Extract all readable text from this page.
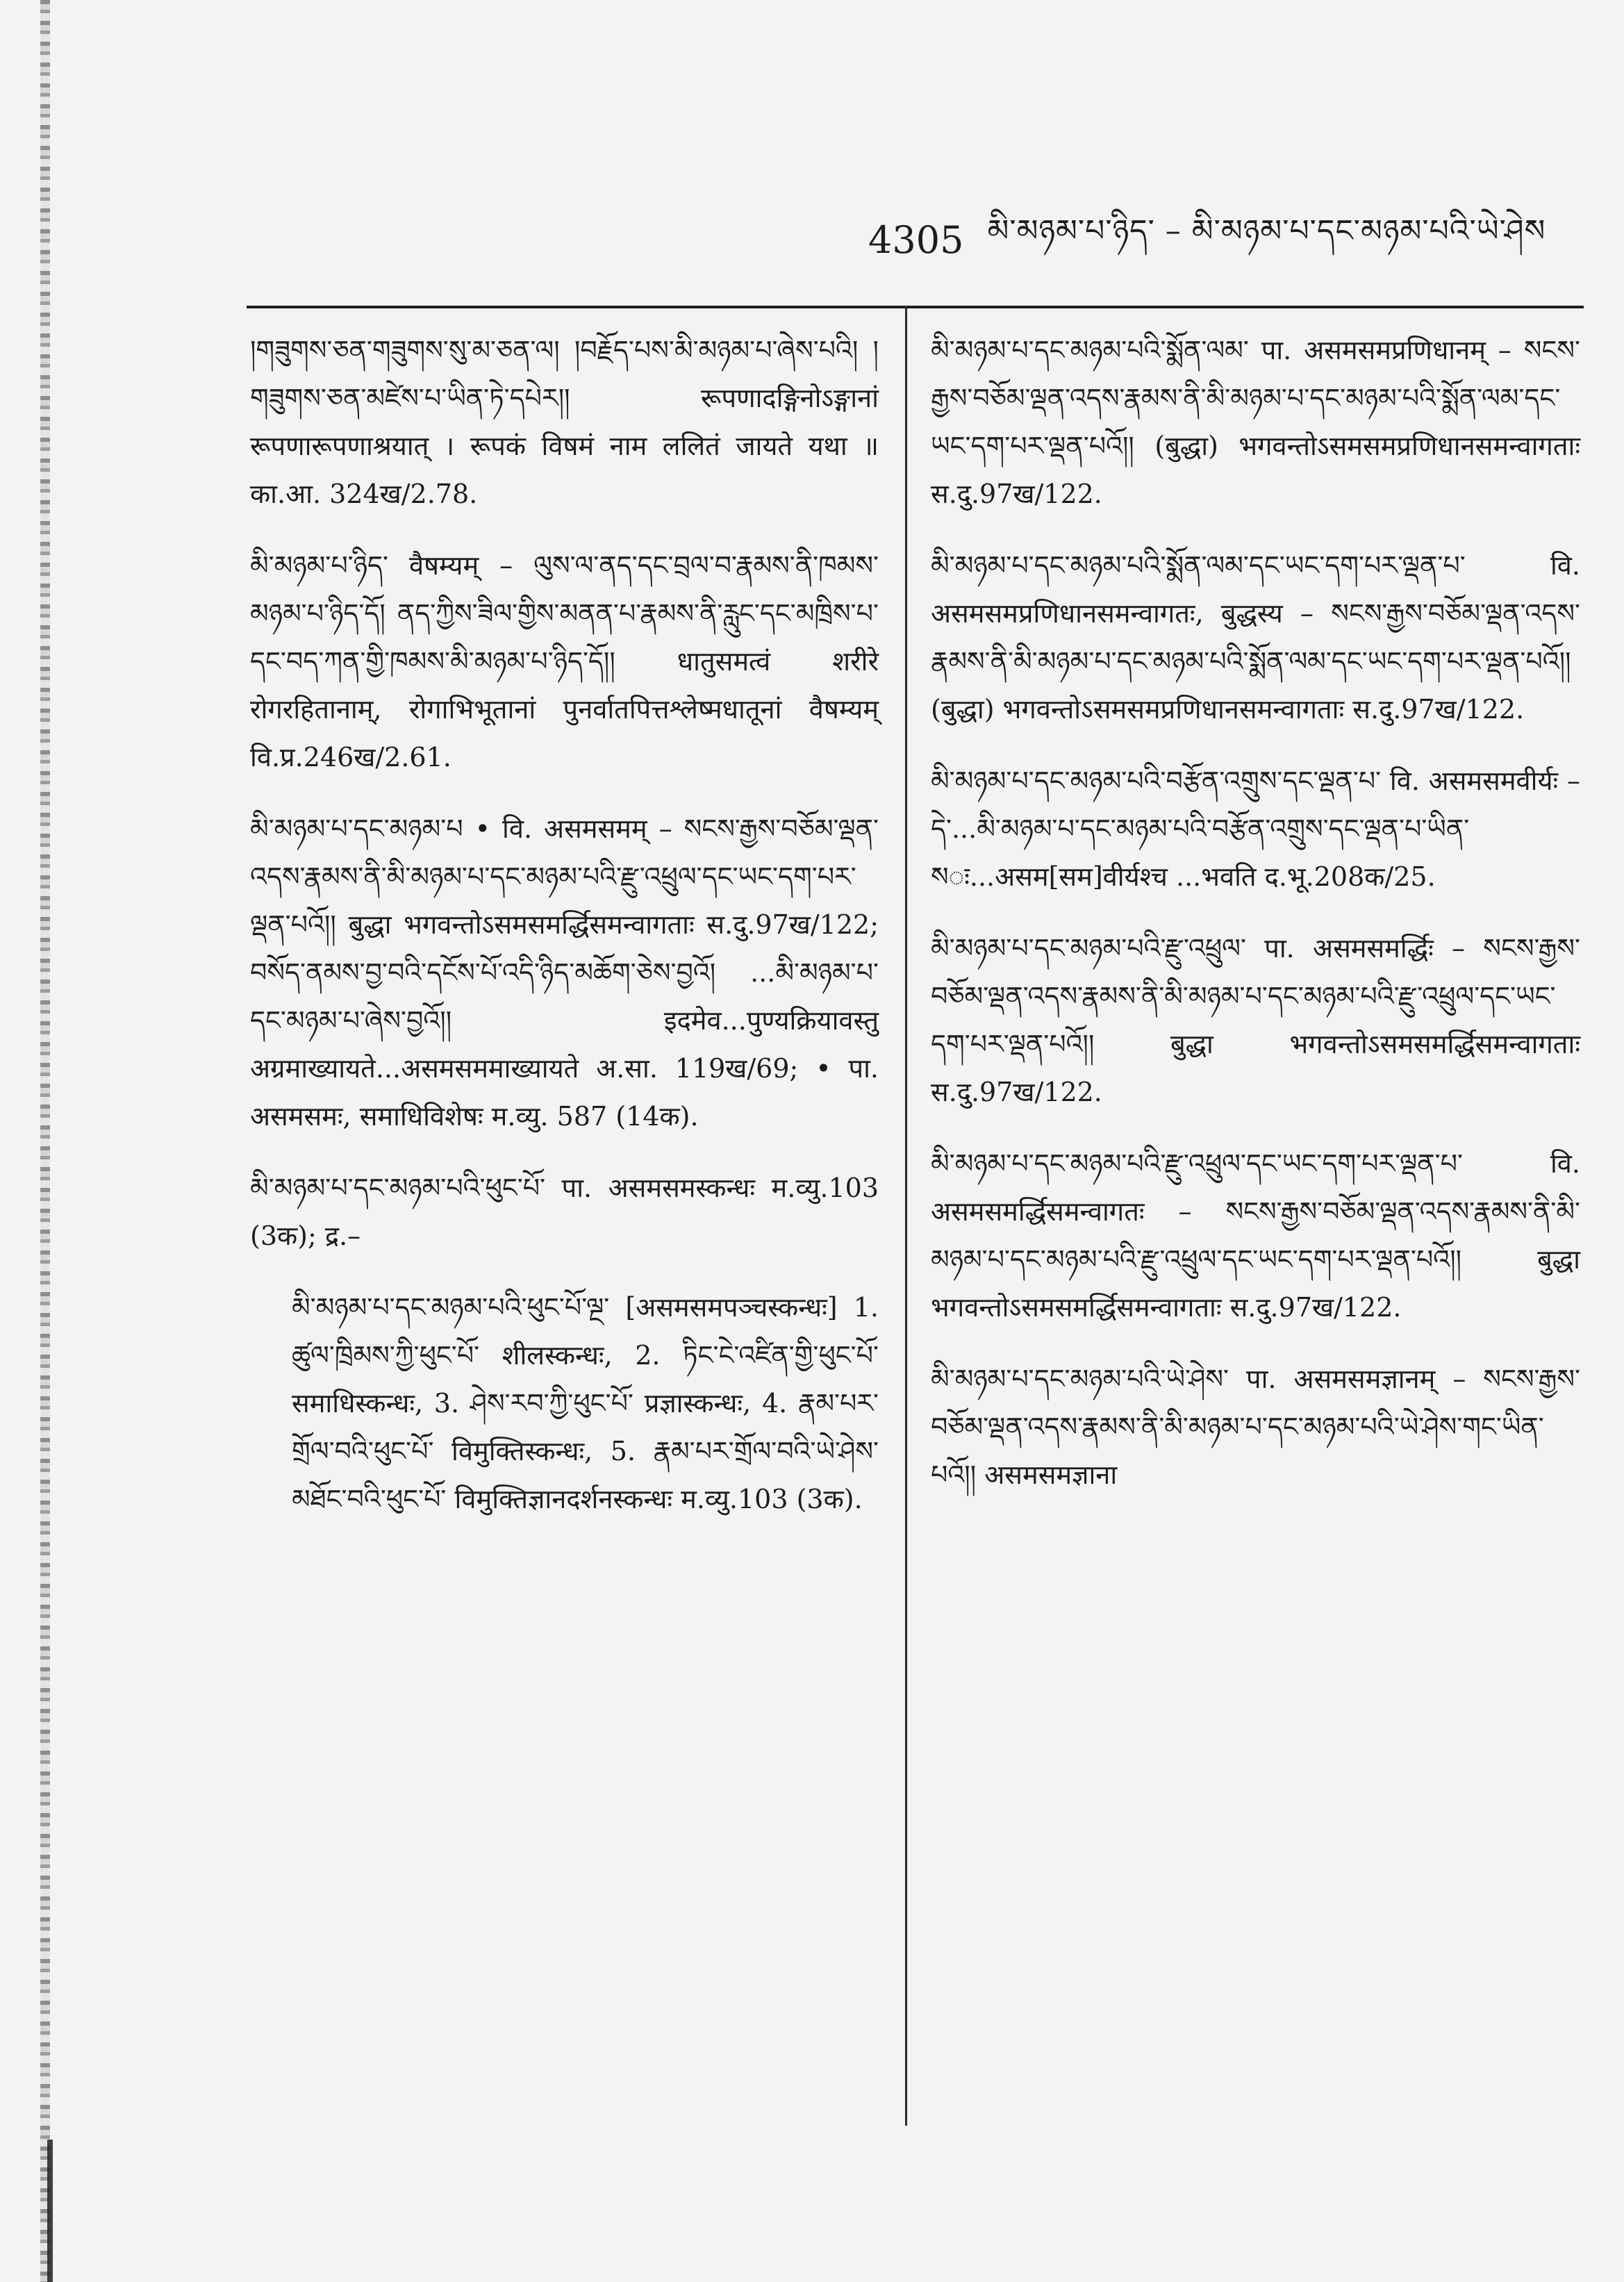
4305 མི་མཉམ་པ་ཉིད་ – མི་མཉམ་པ་དང་མཉམ་པའི་ཡེ་ཤེས

།གཟུགས་ཅན་གཟུགས་སུ་མ་ཅན་ལ། །བརྗོད་པས་མི་མཉམ་པ་ཞེས་པའི། །གཟུགས་ཅན་མཛེས་པ་ཡིན་ཏེ་དཔེར།། रूपणादङ्गिनोऽङ्गानां रूपणारूपणाश्रयात् । रूपकं विषमं नाम ललितं जायते यथा ॥ का.आ. 324ख/2.78.

མི་མཉམ་པ་ཉིད་ वैषम्यम् – ལུས་ལ་ནད་དང་བྲལ་བ་རྣམས་ནི་ཁམས་མཉམ་པ་ཉིད་དོ། ནད་ཀྱིས་ཟིལ་གྱིས་མནན་པ་རྣམས་ནི་རླུང་དང་མཁྲིས་པ་དང་བད་ཀན་གྱི་ཁམས་མི་མཉམ་པ་ཉིད་དོ།། धातुसमत्वं शरीरे रोगरहितानाम्, रोगाभिभूतानां पुनर्वातपित्तश्लेष्मधातूनां वैषम्यम् वि.प्र.246ख/2.61.

མི་མཉམ་པ་དང་མཉམ་པ • वि. असमसमम् – སངས་རྒྱས་བཅོམ་ལྡན་འདས་རྣམས་ནི་མི་མཉམ་པ་དང་མཉམ་པའི་རྫུ་འཕྲུལ་དང་ཡང་དག་པར་ལྡན་པའོ།། बुद्धा भगवन्तोऽसमसमर्द्धिसमन्वागताः स.दु.97ख/122; བསོད་ནམས་བྱ་བའི་དངོས་པོ་འདི་ཉིད་མཆོག་ཅེས་བྱའོ། ...མི་མཉམ་པ་དང་མཉམ་པ་ཞེས་བྱའོ།། इदमेव...पुण्यक्रियावस्तु अग्रमाख्यायते...असमसममाख्यायते अ.सा. 119ख/69; • पा. असमसमः, समाधिविशेषः म.व्यु. 587 (14क).

མི་མཉམ་པ་དང་མཉམ་པའི་ཕུང་པོ་ पा. असमसमस्कन्धः म.व्यु.103 (3क); द्र.–

མི་མཉམ་པ་དང་མཉམ་པའི་ཕུང་པོ་ལྔ་ [असमसमपञ्चस्कन्धः] 1. ཚུལ་ཁྲིམས་ཀྱི་ཕུང་པོ་ शीलस्कन्धः, 2. ཏིང་ངེ་འཛིན་གྱི་ཕུང་པོ་ समाधिस्कन्धः, 3. ཤེས་རབ་ཀྱི་ཕུང་པོ་ प्रज्ञास्कन्धः, 4. རྣམ་པར་གྲོལ་བའི་ཕུང་པོ་ विमुक्तिस्कन्धः, 5. རྣམ་པར་གྲོལ་བའི་ཡེ་ཤེས་མཐོང་བའི་ཕུང་པོ་ विमुक्तिज्ञानदर्शनस्कन्धः म.व्यु.103 (3क).

མི་མཉམ་པ་དང་མཉམ་པའི་སྨོན་ལམ་ पा. असमसमप्रणिधानम् – སངས་རྒྱས་བཅོམ་ལྡན་འདས་རྣམས་ནི་མི་མཉམ་པ་དང་མཉམ་པའི་སྨོན་ལམ་དང་ཡང་དག་པར་ལྡན་པའོ།། (बुद्धा) भगवन्तोऽसमसमप्रणिधानसमन्वागताः स.दु.97ख/122.

མི་མཉམ་པ་དང་མཉམ་པའི་སྨོན་ལམ་དང་ཡང་དག་པར་ལྡན་པ་ वि. असमसमप्रणिधानसमन्वागतः, बुद्धस्य – སངས་རྒྱས་བཅོམ་ལྡན་འདས་རྣམས་ནི་མི་མཉམ་པ་དང་མཉམ་པའི་སྨོན་ལམ་དང་ཡང་དག་པར་ལྡན་པའོ།། (बुद्धा) भगवन्तोऽसमसमप्रणिधानसमन्वागताः स.दु.97ख/122.

མི་མཉམ་པ་དང་མཉམ་པའི་བརྩོན་འགྲུས་དང་ལྡན་པ་ वि. असमसमवीर्यः – དེ་...མི་མཉམ་པ་དང་མཉམ་པའི་བརྩོན་འགྲུས་དང་ལྡན་པ་ཡིན་ སः...असम[सम]वीर्यश्च ...भवति द.भू.208क/25.

མི་མཉམ་པ་དང་མཉམ་པའི་རྫུ་འཕྲུལ་ पा. असमसमर्द्धिः – སངས་རྒྱས་བཅོམ་ལྡན་འདས་རྣམས་ནི་མི་མཉམ་པ་དང་མཉམ་པའི་རྫུ་འཕྲུལ་དང་ཡང་དག་པར་ལྡན་པའོ།། बुद्धा भगवन्तोऽसमसमर्द्धिसमन्वागताः स.दु.97ख/122.

མི་མཉམ་པ་དང་མཉམ་པའི་རྫུ་འཕྲུལ་དང་ཡང་དག་པར་ལྡན་པ་ वि. असमसमर्द्धिसमन्वागतः – སངས་རྒྱས་བཅོམ་ལྡན་འདས་རྣམས་ནི་མི་མཉམ་པ་དང་མཉམ་པའི་རྫུ་འཕྲུལ་དང་ཡང་དག་པར་ལྡན་པའོ།། बुद्धा भगवन्तोऽसमसमर्द्धिसमन्वागताः स.दु.97ख/122.

མི་མཉམ་པ་དང་མཉམ་པའི་ཡེ་ཤེས་ पा. असमसमज्ञानम् – སངས་རྒྱས་བཅོམ་ལྡན་འདས་རྣམས་ནི་མི་མཉམ་པ་དང་མཉམ་པའི་ཡེ་ཤེས་གང་ཡིན་པའོ།། असमसमज्ञाना
